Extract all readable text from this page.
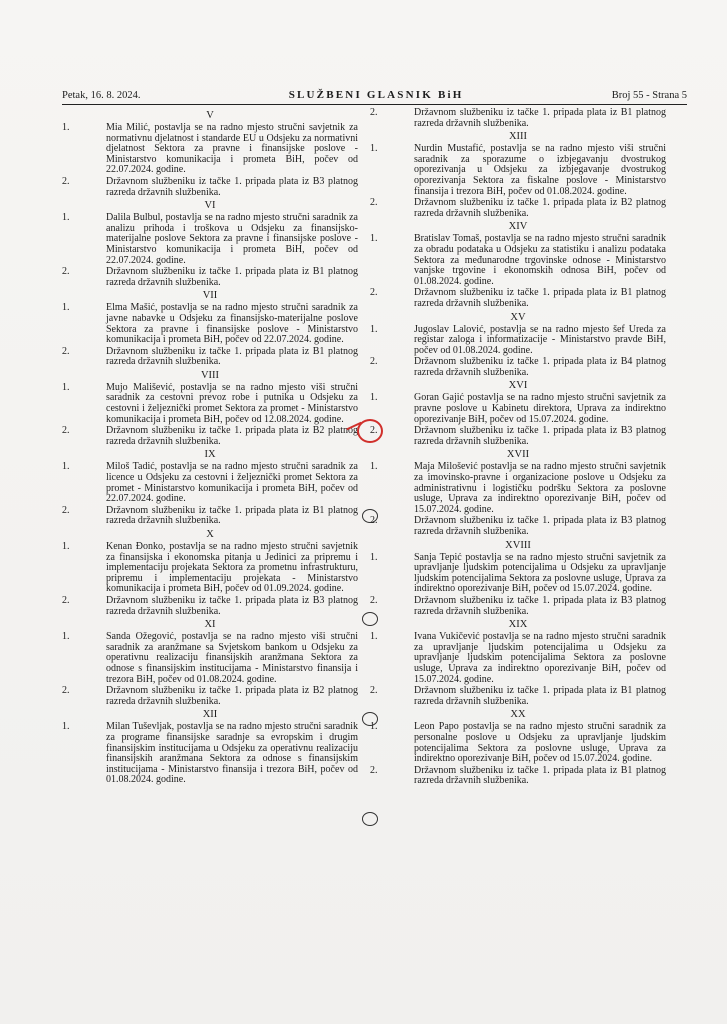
Petak, 16. 8. 2024.	SLUŽBENI GLASNIK BiH	Broj 55 - Strana 5
V
1.	Mia Milić, postavlja se na radno mjesto stručni savjetnik za normativnu djelatnost i standarde EU u Odsjeku za normativni djelatnost Sektora za pravne i finansijske poslove - Ministarstvo komunikacija i prometa BiH, počev od 22.07.2024. godine.
2.	Državnom službeniku iz tačke 1. pripada plata iz B3 platnog razreda državnih službenika.
VI
1.	Dalila Bulbul, postavlja se na radno mjesto stručni saradnik za analizu prihoda i troškova u Odsjeku za finansijsko-materijalne poslove Sektora za pravne i finansijske poslove - Ministarstvo komunikacija i prometa BiH, počev od 22.07.2024. godine.
2.	Državnom službeniku iz tačke 1. pripada plata iz B1 platnog razreda državnih službenika.
VII
1.	Elma Mašić, postavlja se na radno mjesto stručni saradnik za javne nabavke u Odsjeku za finansijsko-materijalne poslove Sektora za pravne i finansijske poslove - Ministarstvo komunikacija i prometa BiH, počev od 22.07.2024. godine.
2.	Državnom službeniku iz tačke 1. pripada plata iz B1 platnog razreda državnih službenika.
VIII
1.	Mujo Mališević, postavlja se na radno mjesto viši stručni saradnik za cestovni prevoz robe i putnika u Odsjeku za cestovni i željeznički promet Sektora za promet - Ministarstvo komunikacija i prometa BiH, počev od 12.08.2024. godine.
2.	Državnom službeniku iz tačke 1. pripada plata iz B2 platnog razreda državnih službenika.
IX
1.	Miloš Tadić, postavlja se na radno mjesto stručni saradnik za licence u Odsjeku za cestovni i željeznički promet Sektora za promet - Ministarstvo komunikacija i prometa BiH, počev od 22.07.2024. godine.
2.	Državnom službeniku iz tačke 1. pripada plata iz B1 platnog razreda državnih službenika.
X
1.	Kenan Đonko, postavlja se na radno mjesto stručni savjetnik za finansijska i ekonomska pitanja u Jedinici za pripremu i implementaciju projekata Sektora za prometnu infrastrukturu, pripremu i implementaciju projekata - Ministarstvo komunikacija i prometa BiH, počev od 01.09.2024. godine.
2.	Državnom službeniku iz tačke 1. pripada plata iz B3 platnog razreda državnih službenika.
XI
1.	Sanda Ožegović, postavlja se na radno mjesto viši stručni saradnik za aranžmane sa Svjetskom bankom u Odsjeku za operativnu realizaciju finansijskih aranžmana Sektora za odnose s finansijskim institucijama - Ministarstvo finansija i trezora BiH, počev od 01.08.2024. godine.
2.	Državnom službeniku iz tačke 1. pripada plata iz B2 platnog razreda državnih službenika.
XII
1.	Milan Tuševljak, postavlja se na radno mjesto stručni saradnik za programe finansijske saradnje sa evropskim i drugim finansijskim institucijama u Odsjeku za operativnu realizaciju finansijskih aranžmana Sektora za odnose s finansijskim institucijama - Ministarstvo finansija i trezora BiH, počev od 01.08.2024. godine.
2.	Državnom službeniku iz tačke 1. pripada plata iz B1 platnog razreda državnih službenika.
XIII
1.	Nurdin Mustafić, postavlja se na radno mjesto viši stručni saradnik za sporazume o izbjegavanju dvostrukog oporezivanja u Odsjeku za izbjegavanje dvostrukog oporezivanja Sektora za fiskalne poslove - Ministarstvo finansija i trezora BiH, počev od 01.08.2024. godine.
2.	Državnom službeniku iz tačke 1. pripada plata iz B2 platnog razreda državnih službenika.
XIV
1.	Bratislav Tomaš, postavlja se na radno mjesto stručni saradnik za obradu podataka u Odsjeku za statistiku i analizu podataka Sektora za međunarodne trgovinske odnose - Ministarstvo vanjske trgovine i ekonomskih odnosa BiH, počev od 01.08.2024. godine.
2.	Državnom službeniku iz tačke 1. pripada plata iz B1 platnog razreda državnih službenika.
XV
1.	Jugoslav Lalović, postavlja se na radno mjesto šef Ureda za registar zaloga i informatizacije - Ministarstvo pravde BiH, počev od 01.08.2024. godine.
2.	Državnom službeniku iz tačke 1. pripada plata iz B4 platnog razreda državnih službenika.
XVI
1.	Goran Gajić postavlja se na radno mjesto stručni savjetnik za pravne poslove u Kabinetu direktora, Uprava za indirektno oporezivanje BiH, počev od 15.07.2024. godine.
2.	Državnom službeniku iz tačke 1. pripada plata iz B3 platnog razreda državnih službenika.
XVII
1.	Maja Milošević postavlja se na radno mjesto stručni savjetnik za imovinsko-pravne i organizacione poslove u Odsjeku za administrativnu i logističku podršku Sektora za poslovne usluge, Uprava za indirektno oporezivanje BiH, počev od 15.07.2024. godine.
2.	Državnom službeniku iz tačke 1. pripada plata iz B3 platnog razreda državnih službenika.
XVIII
1.	Sanja Tepić postavlja se na radno mjesto stručni savjetnik za upravljanje ljudskim potencijalima u Odsjeku za upravljanje ljudskim potencijalima Sektora za poslovne usluge, Uprava za indirektno oporezivanje BiH, počev od 15.07.2024. godine.
2.	Državnom službeniku iz tačke 1. pripada plata iz B3 platnog razreda državnih službenika.
XIX
1.	Ivana Vukičević postavlja se na radno mjesto stručni saradnik za upravljanje ljudskim potencijalima u Odsjeku za upravljanje ljudskim potencijalima Sektora za poslovne usluge, Uprava za indirektno oporezivanje BiH, počev od 15.07.2024. godine.
2.	Državnom službeniku iz tačke 1. pripada plata iz B1 platnog razreda državnih službenika.
XX
1.	Leon Papo postavlja se na radno mjesto stručni saradnik za personalne poslove u Odsjeku za upravljanje ljudskim potencijalima Sektora za poslovne usluge, Uprava za indirektno oporezivanje BiH, počev od 15.07.2024. godine.
2.	Državnom službeniku iz tačke 1. pripada plata iz B1 platnog razreda državnih službenika.
